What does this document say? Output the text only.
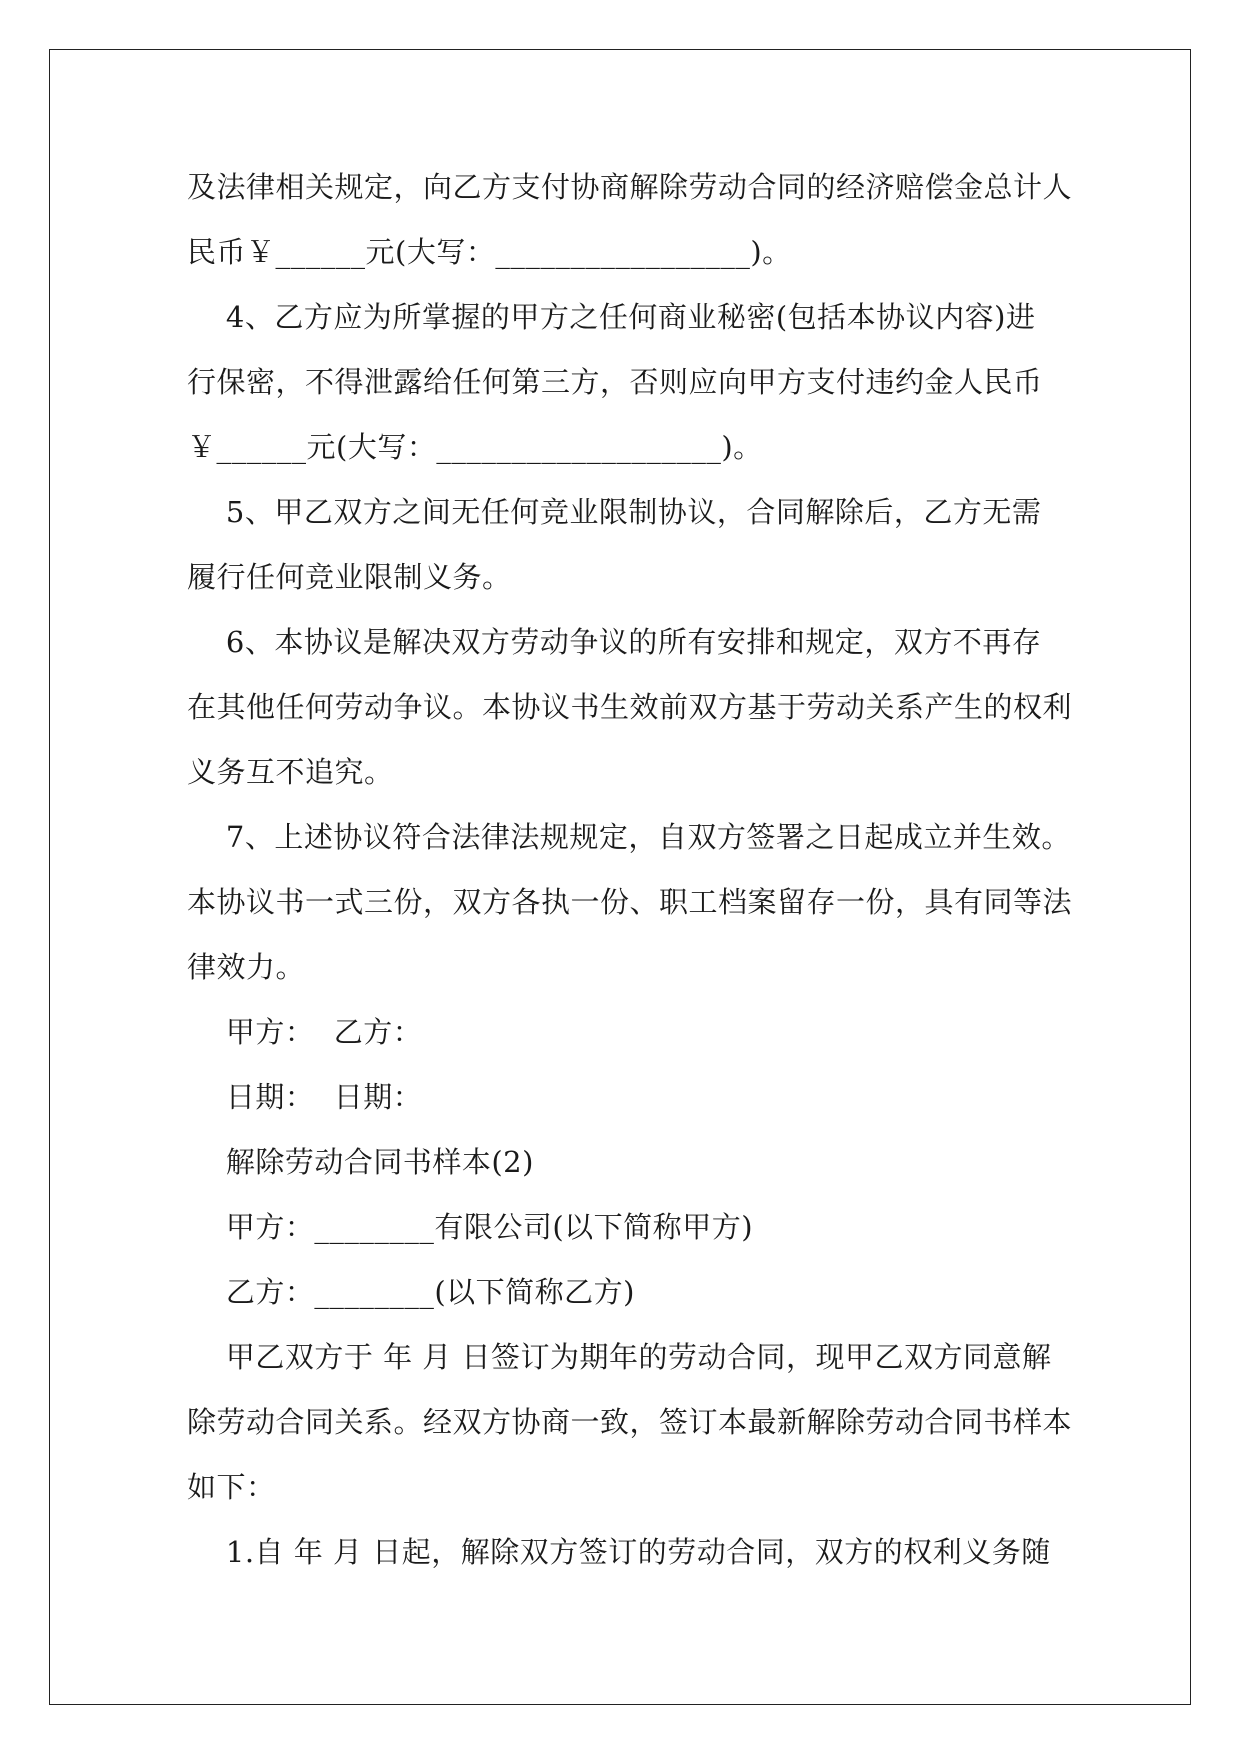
及法律相关规定，向乙方支付协商解除劳动合同的经济赔偿金总计人
民币￥______元(大写：_________________)。
4、乙方应为所掌握的甲方之任何商业秘密(包括本协议内容)进
行保密，不得泄露给任何第三方，否则应向甲方支付违约金人民币
￥______元(大写：___________________)。
5、甲乙双方之间无任何竞业限制协议，合同解除后，乙方无需
履行任何竞业限制义务。
6、本协议是解决双方劳动争议的所有安排和规定，双方不再存
在其他任何劳动争议。本协议书生效前双方基于劳动关系产生的权利
义务互不追究。
7、上述协议符合法律法规规定，自双方签署之日起成立并生效。
本协议书一式三份，双方各执一份、职工档案留存一份，具有同等法
律效力。
甲方：  乙方：
日期：  日期：
解除劳动合同书样本(2)
甲方：________有限公司(以下简称甲方)
乙方：________(以下简称乙方)
甲乙双方于 年 月 日签订为期年的劳动合同，现甲乙双方同意解
除劳动合同关系。经双方协商一致，签订本最新解除劳动合同书样本
如下：
1.自 年 月 日起，解除双方签订的劳动合同，双方的权利义务随
